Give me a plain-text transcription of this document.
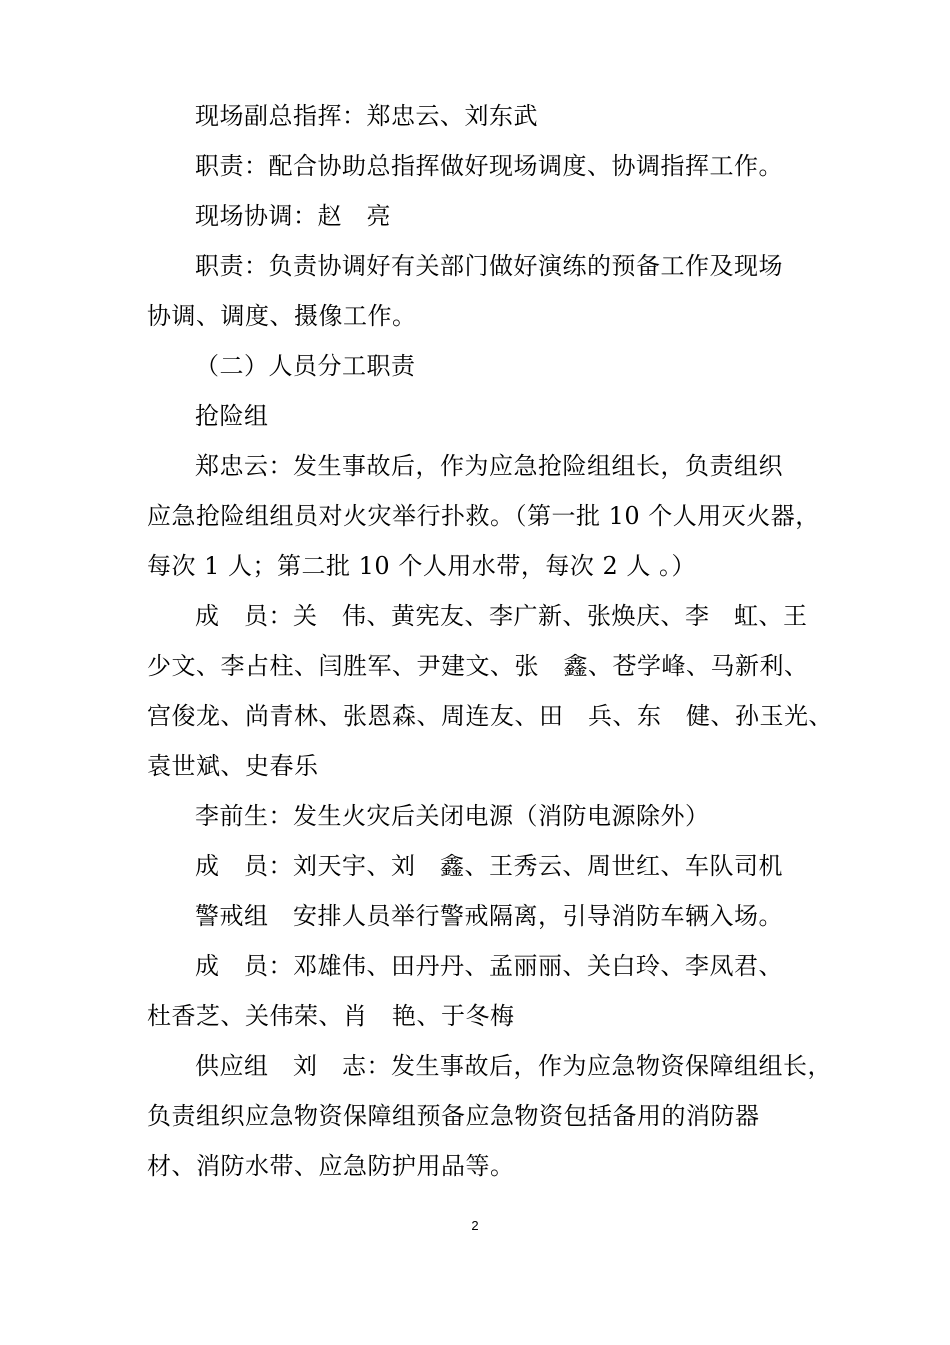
现场副总指挥：郑忠云、刘东武
职责：配合协助总指挥做好现场调度、协调指挥工作。
现场协调：赵　亮
职责：负责协调好有关部门做好演练的预备工作及现场
协调、调度、摄像工作。
（二）人员分工职责
抢险组
郑忠云：发生事故后，作为应急抢险组组长，负责组织
应急抢险组组员对火灾举行扑救。（第一批 10 个人用灭火器，
每次 1 人；第二批 10 个人用水带，每次 2 人 。）
成　员：关　伟、黄宪友、李广新、张焕庆、李　虹、王
少文、李占柱、闫胜军、尹建文、张　鑫、苍学峰、马新利、
宫俊龙、尚青林、张恩森、周连友、田　兵、东　健、孙玉光、
袁世斌、史春乐
李前生：发生火灾后关闭电源（消防电源除外）
成　员：刘天宇、刘　鑫、王秀云、周世红、车队司机
警戒组　安排人员举行警戒隔离，引导消防车辆入场。
成　员：邓雄伟、田丹丹、孟丽丽、关白玲、李凤君、
杜香芝、关伟荣、肖　艳、于冬梅
供应组　刘　志：发生事故后，作为应急物资保障组组长，
负责组织应急物资保障组预备应急物资包括备用的消防器
材、消防水带、应急防护用品等。
2
